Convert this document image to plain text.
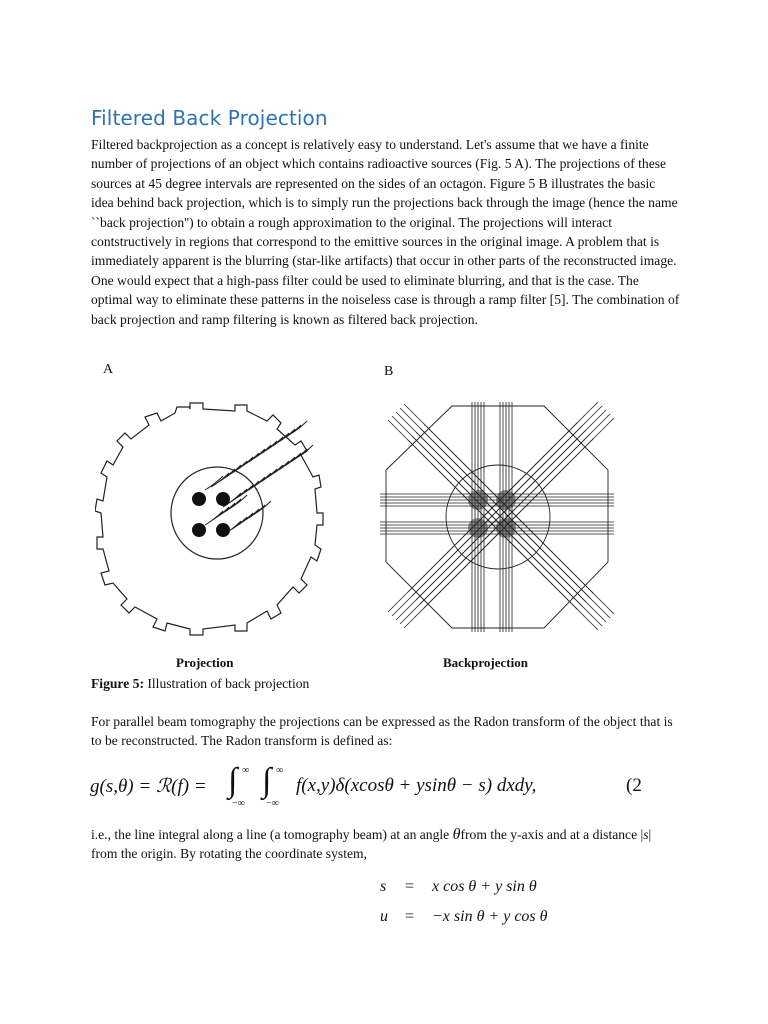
Filtered Back Projection

Filtered backprojection as a concept is relatively easy to understand. Let's assume that we have a finite number of projections of an object which contains radioactive sources (Fig. 5 A). The projections of these sources at 45 degree intervals are represented on the sides of an octagon. Figure 5 B illustrates the basic idea behind back projection, which is to simply run the projections back through the image (hence the name ``back projection'') to obtain a rough approximation to the original. The projections will interact contstructively in regions that correspond to the emittive sources in the original image. A problem that is immediately apparent is the blurring (star-like artifacts) that occur in other parts of the reconstructed image. One would expect that a high-pass filter could be used to eliminate blurring, and that is the case. The optimal way to eliminate these patterns in the noiseless case is through a ramp filter [5]. The combination of back projection and ramp filtering is known as filtered back projection.

A	B
Projection	Backprojection

Figure 5: Illustration of back projection

For parallel beam tomography the projections can be expressed as the Radon transform of the object that is to be reconstructed. The Radon transform is defined as:

g(s,θ) = ℛ(f) = ∫ ∞
−∞
∫ ∞
−∞
f(x,y)δ(xcosθ + ysinθ − s) dxdy,	(2

i.e., the line integral along a line (a tomography beam) at an angle θfrom the y-axis and at a distance |s| from the origin. By rotating the coordinate system,

s = x cos θ + y sin θ
u = −x sin θ + y cos θ
